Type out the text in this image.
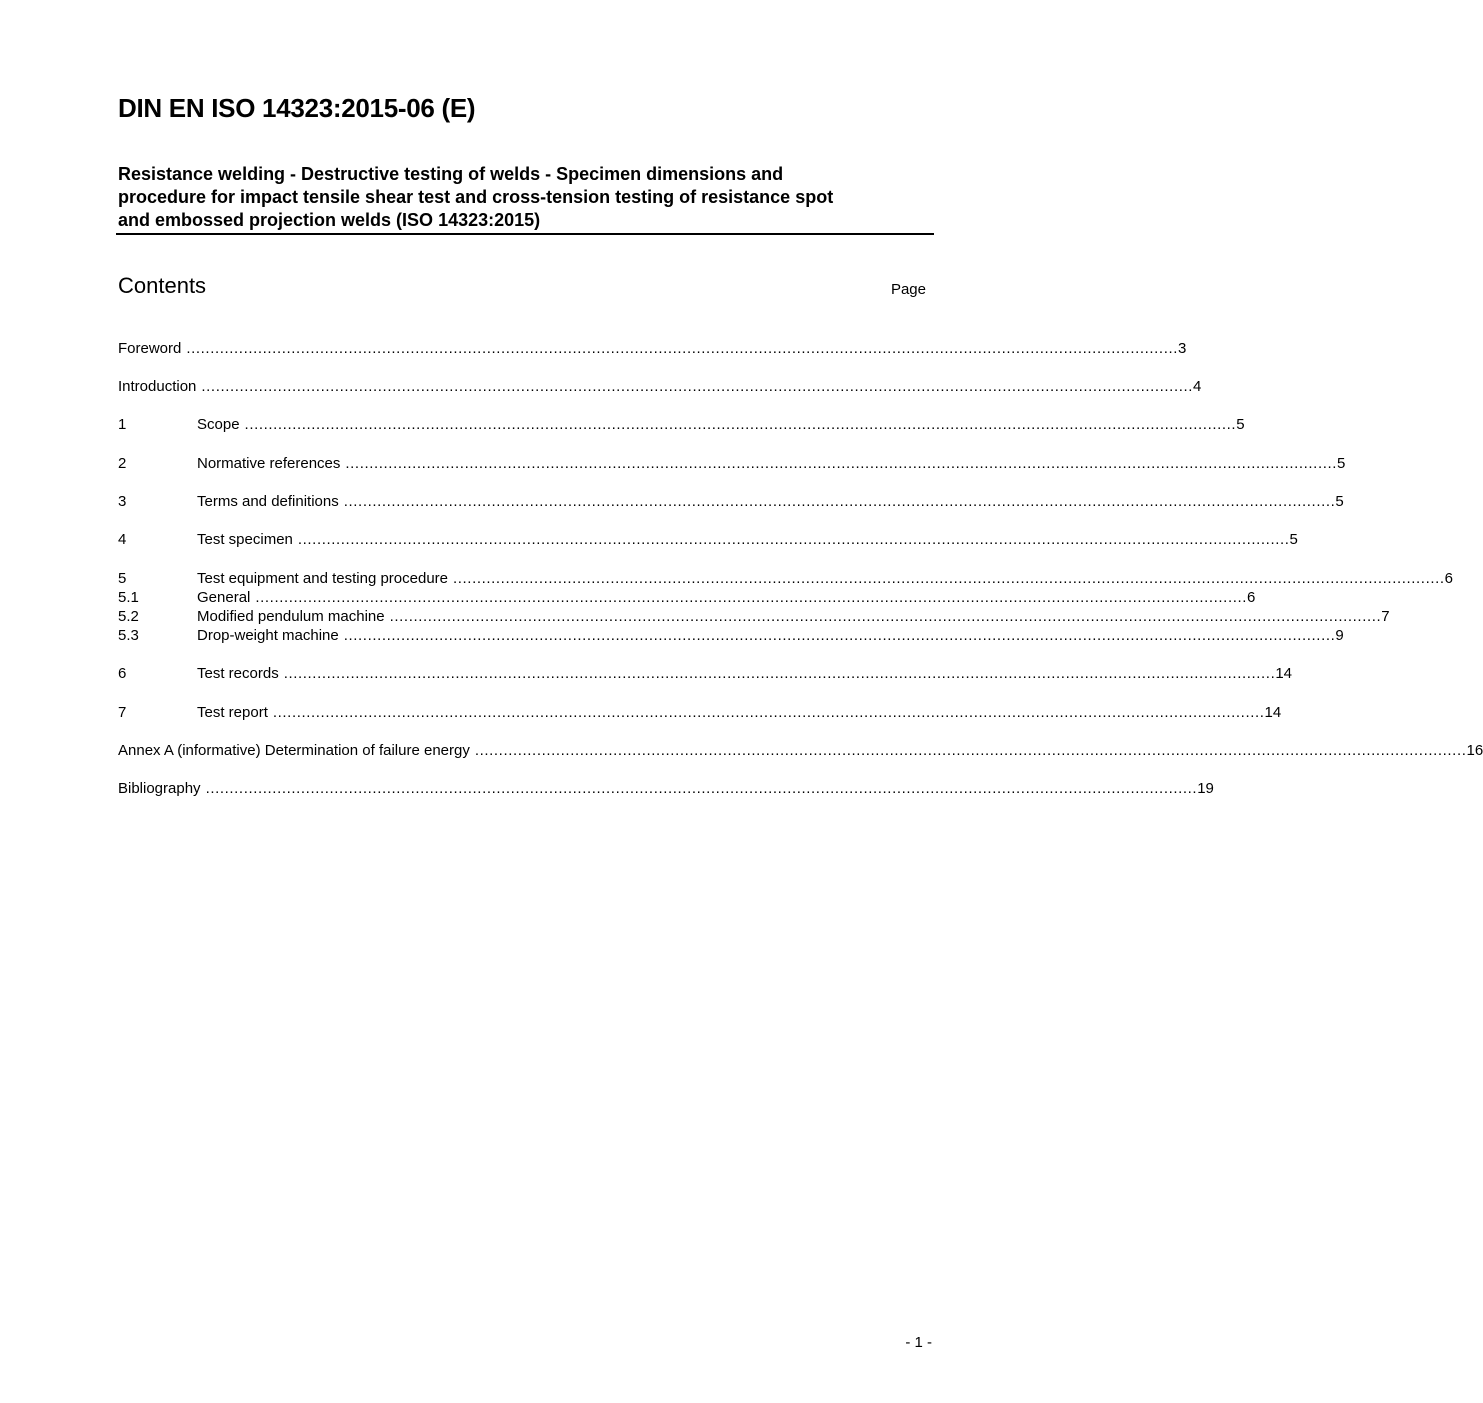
DIN EN ISO 14323:2015-06 (E)
Resistance welding - Destructive testing of welds - Specimen dimensions and
procedure for impact tensile shear test and cross-tension testing of resistance spot
and embossed projection welds (ISO 14323:2015)
Contents	Page
Foreword ................................................................................................................................................................................................................ 3
Introduction ................................................................................................................................................................................................................ 4
1	Scope ................................................................................................................................................................................................................ 5
2	Normative references ................................................................................................................................................................................................................ 5
3	Terms and definitions ................................................................................................................................................................................................................ 5
4	Test specimen ................................................................................................................................................................................................................ 5
5	Test equipment and testing procedure ................................................................................................................................................................................................................ 6
5.1	General ................................................................................................................................................................................................................ 6
5.2	Modified pendulum machine ................................................................................................................................................................................................................ 7
5.3	Drop-weight machine ................................................................................................................................................................................................................ 9
6	Test records ................................................................................................................................................................................................................ 14
7	Test report ................................................................................................................................................................................................................ 14
Annex A (informative) Determination of failure energy ................................................................................................................................................................................................................ 16
Bibliography ................................................................................................................................................................................................................ 19
- 1 -
